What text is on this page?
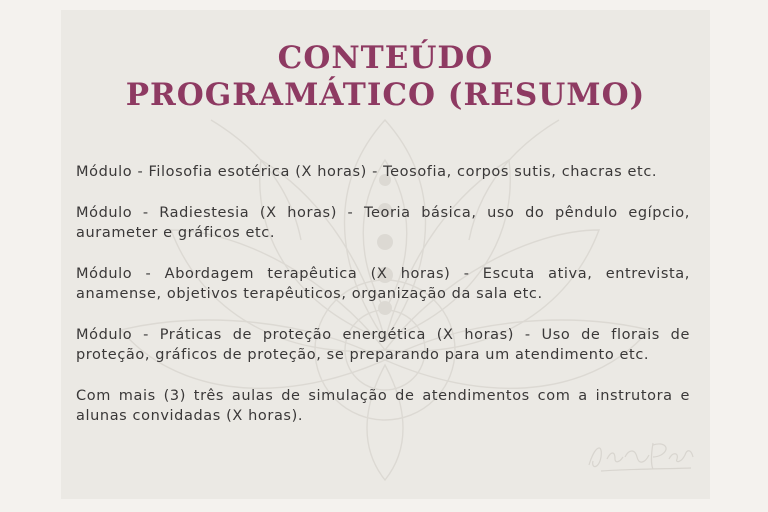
CONTEÚDO
PROGRAMÁTICO (RESUMO)

Módulo - Filosofia esotérica (X horas) - Teosofia, corpos sutis, chacras etc.

Módulo - Radiestesia (X horas) - Teoria básica, uso do pêndulo egípcio, aurameter e gráficos etc.

Módulo - Abordagem terapêutica (X horas) - Escuta ativa, entrevista, anamense, objetivos terapêuticos, organização da sala etc.

Módulo - Práticas de proteção energética (X horas) - Uso de florais de proteção, gráficos de proteção, se preparando para um atendimento etc.

Com mais (3) três aulas de simulação de atendimentos com a instrutora e alunas convidadas (X horas).
